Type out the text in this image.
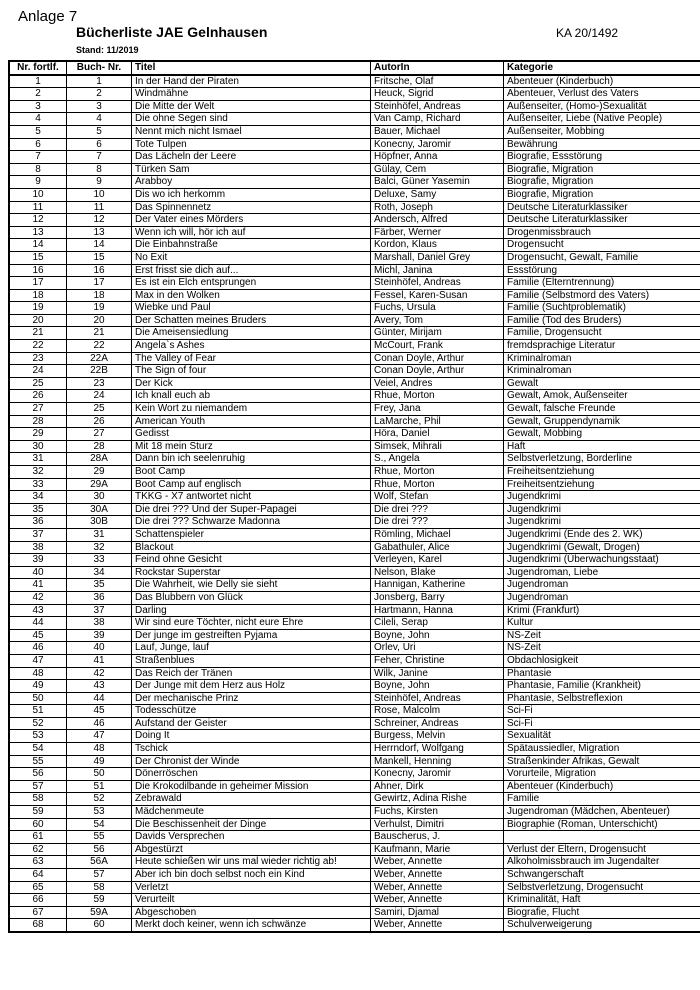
Anlage 7
Bücherliste JAE Gelnhausen	KA 20/1492
Stand: 11/2019
Nr. fortlf.	Buch- Nr.	Titel	AutorIn	Kategorie
1	1	In der Hand der Piraten	Fritsche, Olaf	Abenteuer (Kinderbuch)
2	2	Windmähne	Heuck, Sigrid	Abenteuer, Verlust des Vaters
3	3	Die Mitte der Welt	Steinhöfel, Andreas	Außenseiter, (Homo-)Sexualität
4	4	Die ohne Segen sind	Van Camp, Richard	Außenseiter, Liebe (Native People)
5	5	Nennt mich nicht Ismael	Bauer, Michael	Außenseiter, Mobbing
6	6	Tote Tulpen	Konecny, Jaromir	Bewährung
7	7	Das Lächeln der Leere	Höpfner, Anna	Biografie, Essstörung
8	8	Türken Sam	Gülay, Cem	Biografie, Migration
9	9	Arabboy	Balci, Güner Yasemin	Biografie, Migration
10	10	Dis wo ich herkomm	Deluxe, Samy	Biografie, Migration
11	11	Das Spinnennetz	Roth, Joseph	Deutsche Literaturklassiker
12	12	Der Vater eines Mörders	Andersch, Alfred	Deutsche Literaturklassiker
13	13	Wenn ich will, hör ich auf	Färber, Werner	Drogenmissbrauch
14	14	Die Einbahnstraße	Kordon, Klaus	Drogensucht
15	15	No Exit	Marshall, Daniel Grey	Drogensucht, Gewalt, Familie
16	16	Erst frisst sie dich auf...	Michl, Janina	Essstörung
17	17	Es ist ein Elch entsprungen	Steinhöfel, Andreas	Familie (Elterntrennung)
18	18	Max in den Wolken	Fessel, Karen-Susan	Familie (Selbstmord des Vaters)
19	19	Wiebke und Paul	Fuchs, Ursula	Familie (Suchtproblematik)
20	20	Der Schatten meines Bruders	Avery, Tom	Familie (Tod des Bruders)
21	21	Die Ameisensiedlung	Günter, Mirijam	Familie, Drogensucht
22	22	Angela`s Ashes	McCourt, Frank	fremdsprachige Literatur
23	22A	The Valley of Fear	Conan Doyle, Arthur	Kriminalroman
24	22B	The Sign of four	Conan Doyle, Arthur	Kriminalroman
25	23	Der Kick	Veiel, Andres	Gewalt
26	24	Ich knall euch ab	Rhue, Morton	Gewalt, Amok, Außenseiter
27	25	Kein Wort zu niemandem	Frey, Jana	Gewalt, falsche Freunde
28	26	American Youth	LaMarche, Phil	Gewalt, Gruppendynamik
29	27	Gedisst	Höra, Daniel	Gewalt, Mobbing
30	28	Mit 18 mein Sturz	Simsek, Mihrali	Haft
31	28A	Dann bin ich seelenruhig	S., Angela	Selbstverletzung, Borderline
32	29	Boot Camp	Rhue, Morton	Freiheitsentziehung
33	29A	Boot Camp auf englisch	Rhue, Morton	Freiheitsentziehung
34	30	TKKG - X7 antwortet nicht	Wolf, Stefan	Jugendkrimi
35	30A	Die drei ??? Und der Super-Papagei	Die drei ???	Jugendkrimi
36	30B	Die drei ??? Schwarze Madonna	Die drei ???	Jugendkrimi
37	31	Schattenspieler	Römling, Michael	Jugendkrimi (Ende des 2. WK)
38	32	Blackout	Gabathuler, Alice	Jugendkrimi (Gewalt, Drogen)
39	33	Feind ohne Gesicht	Verleyen, Karel	Jugendkrimi (Überwachungsstaat)
40	34	Rockstar Superstar	Nelson, Blake	Jugendroman, Liebe
41	35	Die Wahrheit, wie Delly sie sieht	Hannigan, Katherine	Jugendroman
42	36	Das Blubbern von Glück	Jonsberg, Barry	Jugendroman
43	37	Darling	Hartmann, Hanna	Krimi (Frankfurt)
44	38	Wir sind eure Töchter, nicht eure Ehre	Cileli, Serap	Kultur
45	39	Der junge im gestreiften Pyjama	Boyne, John	NS-Zeit
46	40	Lauf, Junge, lauf	Orlev, Uri	NS-Zeit
47	41	Straßenblues	Feher, Christine	Obdachlosigkeit
48	42	Das Reich der Tränen	Wilk, Janine	Phantasie
49	43	Der Junge mit dem Herz aus Holz	Boyne, John	Phantasie, Familie (Krankheit)
50	44	Der mechanische Prinz	Steinhöfel, Andreas	Phantasie, Selbstreflexion
51	45	Todesschütze	Rose, Malcolm	Sci-Fi
52	46	Aufstand der Geister	Schreiner, Andreas	Sci-Fi
53	47	Doing It	Burgess, Melvin	Sexualität
54	48	Tschick	Herrndorf, Wolfgang	Spätaussiedler, Migration
55	49	Der Chronist der Winde	Mankell, Henning	Straßenkinder Afrikas, Gewalt
56	50	Dönerröschen	Konecny, Jaromir	Vorurteile, Migration
57	51	Die Krokodilbande in geheimer Mission	Ahner, Dirk	Abenteuer (Kinderbuch)
58	52	Zebrawald	Gewirtz, Adina Rishe	Familie
59	53	Mädchenmeute	Fuchs, Kirsten	Jugendroman (Mädchen, Abenteuer)
60	54	Die Beschissenheit der Dinge	Verhulst, Dimitri	Biographie (Roman, Unterschicht)
61	55	Davids Versprechen	Bauscherus, J.	
62	56	Abgestürzt	Kaufmann, Marie	Verlust der Eltern, Drogensucht
63	56A	Heute schießen wir uns mal wieder richtig ab!	Weber, Annette	Alkoholmissbrauch im Jugendalter
64	57	Aber ich bin doch selbst noch ein Kind	Weber, Annette	Schwangerschaft
65	58	Verletzt	Weber, Annette	Selbstverletzung, Drogensucht
66	59	Verurteilt	Weber, Annette	Kriminalität, Haft
67	59A	Abgeschoben	Samiri, Djamal	Biografie, Flucht
68	60	Merkt doch keiner, wenn ich schwänze	Weber, Annette	Schulverweigerung
